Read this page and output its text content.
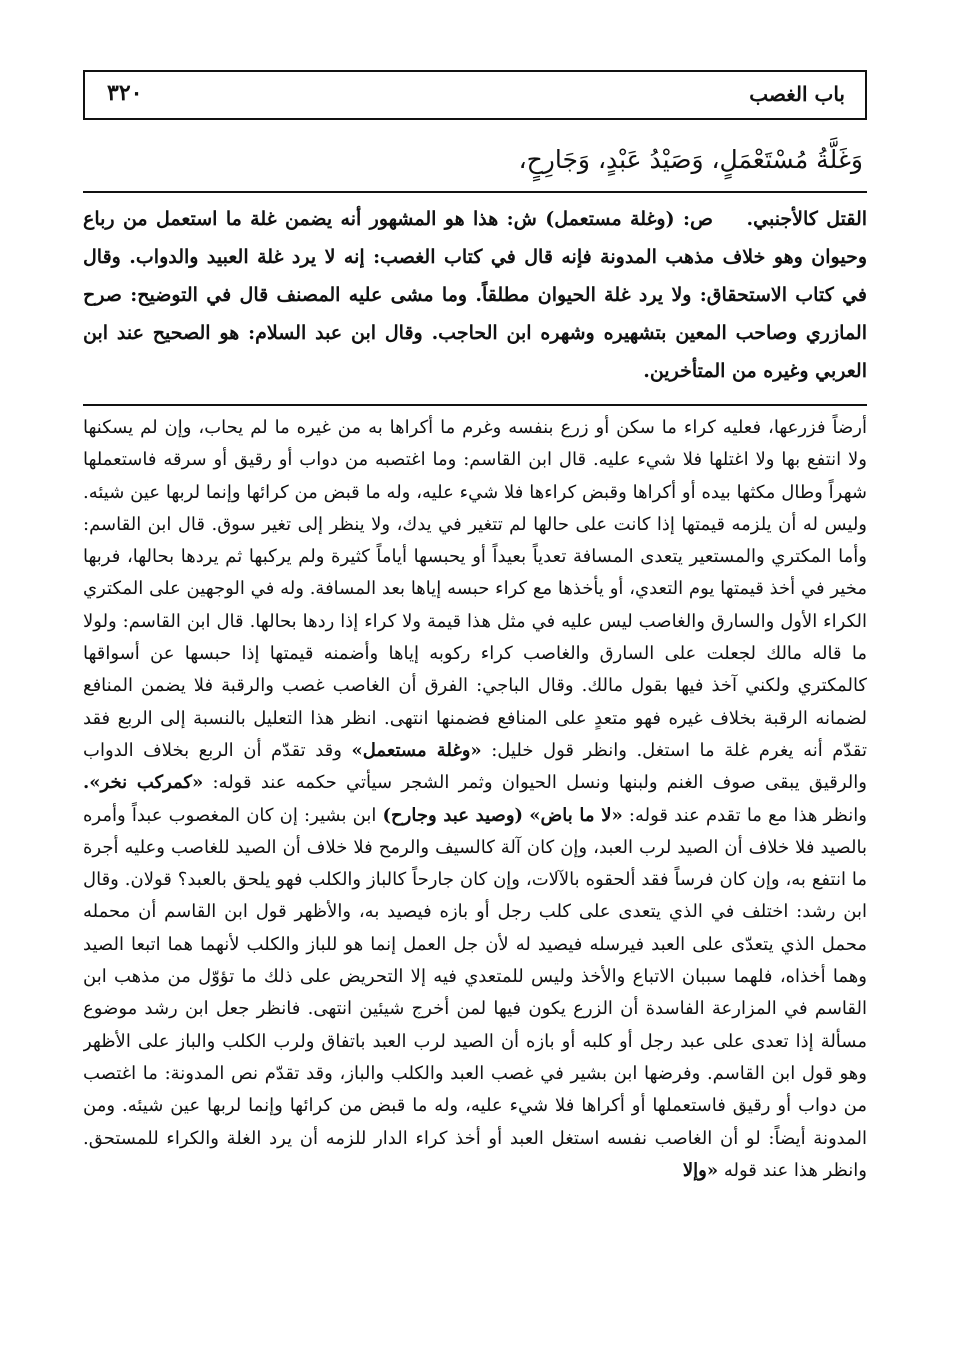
٣٢٠	باب الغصب
وَغَلَّةُ مُسْتَعْمَلٍ، وَصَيْدُ عَبْدٍ، وَجَارِحٍ،
القتل كالأجنبي.    ص: (وغلة مستعمل) ش: هذا هو المشهور أنه يضمن غلة ما استعمل من رباع وحيوان وهو خلاف مذهب المدونة فإنه قال في كتاب الغصب: إنه لا يرد غلة العبيد والدواب. وقال في كتاب الاستحقاق: ولا يرد غلة الحيوان مطلقاً. وما مشى عليه المصنف قال في التوضيح: صرح المازري وصاحب المعين بتشهيره وشهره ابن الحاجب. وقال ابن عبد السلام: هو الصحيح عند ابن العربي وغيره من المتأخرين.

أرضاً فزرعها، فعليه كراء ما سكن أو زرع بنفسه وغرم ما أكراها به من غيره ما لم يحاب، وإن لم يسكنها ولا انتفع بها ولا اغتلها فلا شيء عليه. قال ابن القاسم: وما اغتصبه من دواب أو رقيق أو سرقه فاستعملها شهراً وطال مكثها بيده أو أكراها وقبض كراءها فلا شيء عليه، وله ما قبض من كرائها وإنما لربها عين شيئه. وليس له أن يلزمه قيمتها إذا كانت على حالها لم تتغير في يدك، ولا ينظر إلى تغير سوق. قال ابن القاسم: وأما المكتري والمستعير يتعدى المسافة تعدياً بعيداً أو يحبسها أياماً كثيرة ولم يركبها ثم يردها بحالها، فربها مخير في أخذ قيمتها يوم التعدي، أو يأخذها مع كراء حبسه إياها بعد المسافة. وله في الوجهين على المكتري الكراء الأول والسارق والغاصب ليس عليه في مثل هذا قيمة ولا كراء إذا ردها بحالها. قال ابن القاسم: ولولا ما قاله مالك لجعلت على السارق والغاصب كراء ركوبه إياها وأضمنه قيمتها إذا حبسها عن أسواقها كالمكتري ولكني آخذ فيها بقول مالك. وقال الباجي: الفرق أن الغاصب غصب والرقبة فلا يضمن المنافع لضمانه الرقبة بخلاف غيره فهو متعدٍ على المنافع فضمنها انتهى. انظر هذا التعليل بالنسبة إلى الربع فقد تقدّم أنه يغرم غلة ما استغل. وانظر قول خليل: «وغلة مستعمل» وقد تقدّم أن الربع بخلاف الدواب والرقيق يبقى صوف الغنم ولبنها ونسل الحيوان وثمر الشجر سيأتي حكمه عند قوله: «كمركب نخر». وانظر هذا مع ما تقدم عند قوله: «لا ما باض» (وصيد عبد وجارح) ابن بشير: إن كان المغصوب عبداً وأمره بالصيد فلا خلاف أن الصيد لرب العبد، وإن كان آلة كالسيف والرمح فلا خلاف أن الصيد للغاصب وعليه أجرة ما انتفع به، وإن كان فرساً فقد ألحقوه بالآلات، وإن كان جارحاً كالباز والكلب فهو يلحق بالعبد؟ قولان. وقال ابن رشد: اختلف في الذي يتعدى على كلب رجل أو بازه فيصيد به، والأظهر قول ابن القاسم أن محمله محمل الذي يتعدّى على العبد فيرسله فيصيد له لأن جل العمل إنما هو للباز والكلب لأنهما هما اتبعا الصيد وهما أخذاه، فلهما سببان الاتباع والأخذ وليس للمتعدي فيه إلا التحريض على ذلك ما تؤوّل من مذهب ابن القاسم في المزارعة الفاسدة أن الزرع يكون فيها لمن أخرج شيئين انتهى. فانظر جعل ابن رشد موضوع مسألة إذا تعدى على عبد رجل أو كلبه أو بازه أن الصيد لرب العبد باتفاق ولرب الكلب والباز على الأظهر وهو قول ابن القاسم. وفرضها ابن بشير في غصب العبد والكلب والباز، وقد تقدّم نص المدونة: ما اغتصب من دواب أو رقيق فاستعملها أو أكراها فلا شيء عليه، وله ما قبض من كرائها وإنما لربها عين شيئه. ومن المدونة أيضاً: لو أن الغاصب نفسه استغل العبد أو أخذ كراء الدار للزمه أن يرد الغلة والكراء للمستحق. وانظر هذا عند قوله «وإلا
